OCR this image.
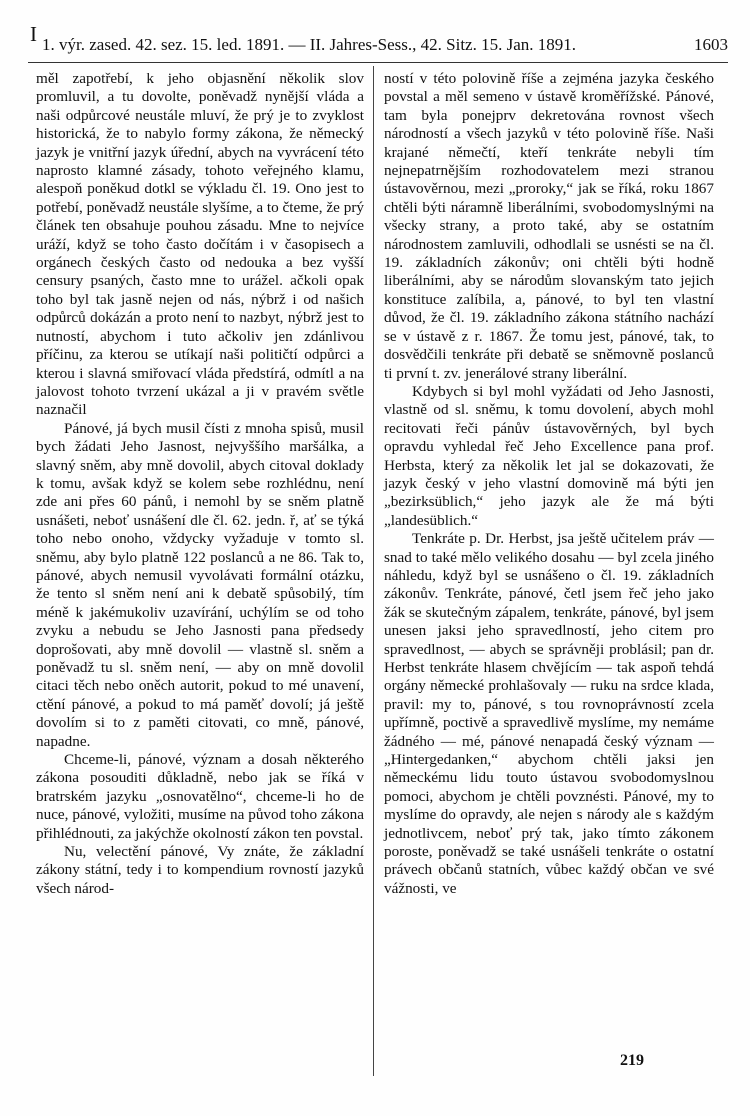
I 1. výr. zased. 42. sez. 15. led. 1891. — II. Jahres-Sess., 42. Sitz. 15. Jan. 1891.	1603

měl zapotřebí, k jeho objasnění několik slov promluvil, a tu dovolte, poněvadž nynější vláda a naši odpůrcové neustále mluví, že prý je to zvyklost historická, že to nabylo formy zákona, že německý jazyk je vnitřní jazyk úřední, abych na vyvrácení této naprosto klamné zásady, tohoto veřejného klamu, alespoň poněkud dotkl se výkladu čl. 19. Ono jest to potřebí, poněvadž neustále slyšíme, a to čteme, že prý článek ten obsahuje pouhou zásadu. Mne to nejvíce uráží, když se toho často dočítám i v časopisech a orgánech českých často od nedouka a bez vyšší censury psaných, často mne to urážel. ačkoli opak toho byl tak jasně nejen od nás, nýbrž i od našich odpůrců dokázán a proto není to nazbyt, nýbrž jest to nutností, abychom i tuto ačkoliv jen zdánlivou příčinu, za kterou se utíkají naši političtí odpůrci a kterou i slavná smiřovací vláda předstírá, odmítl a na jalovost tohoto tvrzení ukázal a ji v pravém světle naznačil

Pánové, já bych musil čísti z mnoha spisů, musil bych žádati Jeho Jasnost, nejvyššího maršálka, a slavný sněm, aby mně dovolil, abych citoval doklady k tomu, avšak když se kolem sebe rozhlédnu, není zde ani přes 60 pánů, i nemohl by se sněm platně usnášeti, neboť usnášení dle čl. 62. jedn. ř, ať se týká toho nebo onoho, vždycky vyžaduje v tomto sl. sněmu, aby bylo platně 122 poslanců a ne 86. Tak to, pánové, abych nemusil vyvolávati formální otázku, že tento sl sněm není ani k debatě spůsobilý, tím méně k jakémukoliv uzavírání, uchýlím se od toho zvyku a nebudu se Jeho Jasnosti pana předsedy doprošovati, aby mně dovolil — vlastně sl. sněm a poněvadž tu sl. sněm není, — aby on mně dovolil citaci těch nebo oněch autorit, pokud to mé unavení, ctění pánové, a pokud to má paměť dovolí; já ještě dovolím si to z paměti citovati, co mně, pánové, napadne.

Chceme-li, pánové, význam a dosah některého zákona posouditi důkladně, nebo jak se říká v bratrském jazyku „osnovatělno“, chceme-li ho de nuce, pánové, vyložiti, musíme na původ toho zákona přihlédnouti, za jakýchže okolností zákon ten povstal.

Nu, velectění pánové, Vy znáte, že základní zákony státní, tedy i to kompendium rovností jazyků všech národ-

ností v této polovině říše a zejména jazyka českého povstal a měl semeno v ústavě kroměřížské. Pánové, tam byla ponejprv dekretována rovnost všech národností a všech jazyků v této polovině říše. Naši krajané němečtí, kteří tenkráte nebyli tím nejnepatrnějším rozhodovatelem mezi stranou ústavověrnou, mezi „proroky,“ jak se říká, roku 1867 chtěli býti náramně liberálními, svobodomyslnými na všecky strany, a proto také, aby se ostatním národnostem zamluvili, odhodlali se usnésti se na čl. 19. základních zákonův; oni chtěli býti hodně liberálními, aby se národům slovanským tato jejich konstituce zalíbila, a, pánové, to byl ten vlastní důvod, že čl. 19. základního zákona státního nachází se v ústavě z r. 1867. Že tomu jest, pánové, tak, to dosvědčili tenkráte při debatě se sněmovně poslanců ti první t. zv. jenerálové strany liberální.

Kdybych si byl mohl vyžádati od Jeho Jasnosti, vlastně od sl. sněmu, k tomu dovolení, abych mohl recitovati řeči pánův ústavověrných, byl bych opravdu vyhledal řeč Jeho Excellence pana prof. Herbsta, který za několik let jal se dokazovati, že jazyk český v jeho vlastní domovině má býti jen „bezirksüblich,“ jeho jazyk ale že má býti „landesüblich.“

Tenkráte p. Dr. Herbst, jsa ještě učitelem práv — snad to také mělo velikého dosahu — byl zcela jiného náhledu, když byl se usnášeno o čl. 19. základních zákonův. Tenkráte, pánové, četl jsem řeč jeho jako žák se skutečným zápalem, tenkráte, pánové, byl jsem unesen jaksi jeho spravedlností, jeho citem pro spravedlnost, — abych se správněji problásil; pan dr. Herbst tenkráte hlasem chvějícím — tak aspoň tehdá orgány německé prohlašovaly — ruku na srdce klada, pravil: my to, pánové, s tou rovnoprávností zcela upřímně, poctivě a spravedlivě myslíme, my nemáme žádného — mé, pánové nenapadá český význam — „Hintergedanken,“ abychom chtěli jaksi jen německému lidu touto ústavou svobodomyslnou pomoci, abychom je chtěli povznésti. Pánové, my to myslíme do opravdy, ale nejen s národy ale s každým jednotlivcem, neboť prý tak, jako tímto zákonem poroste, poněvadž se také usnášeli tenkráte o ostatní právech občanů statních, vůbec každý občan ve své vážnosti, ve

219
